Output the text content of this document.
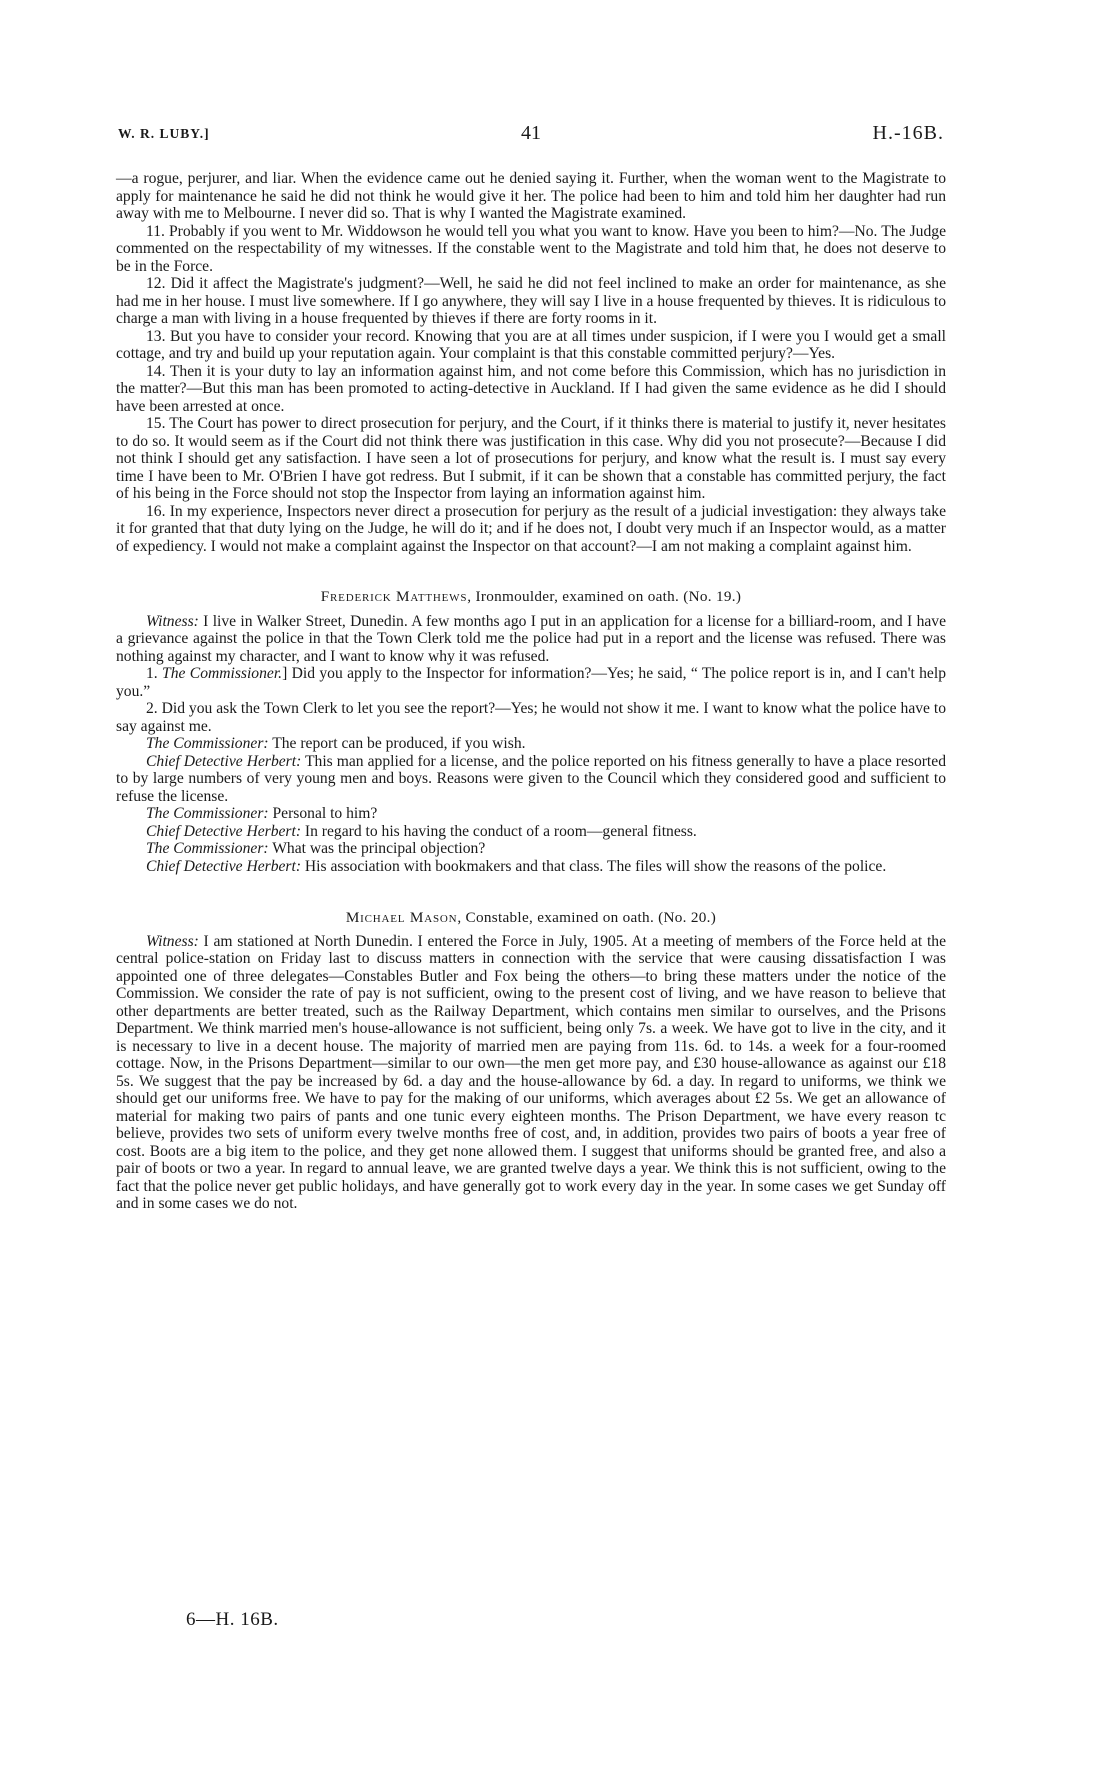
W. R. LUBY.]	41	H.-16B.

—a rogue, perjurer, and liar. When the evidence came out he denied saying it. Further, when the woman went to the Magistrate to apply for maintenance he said he did not think he would give it her. The police had been to him and told him her daughter had run away with me to Melbourne. I never did so. That is why I wanted the Magistrate examined.

11. Probably if you went to Mr. Widdowson he would tell you what you want to know. Have you been to him?—No. The Judge commented on the respectability of my witnesses. If the constable went to the Magistrate and told him that, he does not deserve to be in the Force.

12. Did it affect the Magistrate's judgment?—Well, he said he did not feel inclined to make an order for maintenance, as she had me in her house. I must live somewhere. If I go anywhere, they will say I live in a house frequented by thieves. It is ridiculous to charge a man with living in a house frequented by thieves if there are forty rooms in it.

13. But you have to consider your record. Knowing that you are at all times under suspicion, if I were you I would get a small cottage, and try and build up your reputation again. Your complaint is that this constable committed perjury?—Yes.

14. Then it is your duty to lay an information against him, and not come before this Commission, which has no jurisdiction in the matter?—But this man has been promoted to acting-detective in Auckland. If I had given the same evidence as he did I should have been arrested at once.

15. The Court has power to direct prosecution for perjury, and the Court, if it thinks there is material to justify it, never hesitates to do so. It would seem as if the Court did not think there was justification in this case. Why did you not prosecute?—Because I did not think I should get any satisfaction. I have seen a lot of prosecutions for perjury, and know what the result is. I must say every time I have been to Mr. O'Brien I have got redress. But I submit, if it can be shown that a constable has committed perjury, the fact of his being in the Force should not stop the Inspector from laying an information against him.

16. In my experience, Inspectors never direct a prosecution for perjury as the result of a judicial investigation: they always take it for granted that that duty lying on the Judge, he will do it; and if he does not, I doubt very much if an Inspector would, as a matter of expediency. I would not make a complaint against the Inspector on that account?—I am not making a complaint against him.

Frederick Matthews, Ironmoulder, examined on oath. (No. 19.)

Witness: I live in Walker Street, Dunedin. A few months ago I put in an application for a license for a billiard-room, and I have a grievance against the police in that the Town Clerk told me the police had put in a report and the license was refused. There was nothing against my character, and I want to know why it was refused.

1. The Commissioner.] Did you apply to the Inspector for information?—Yes; he said, “ The police report is in, and I can't help you.”

2. Did you ask the Town Clerk to let you see the report?—Yes; he would not show it me. I want to know what the police have to say against me.

The Commissioner: The report can be produced, if you wish.

Chief Detective Herbert: This man applied for a license, and the police reported on his fitness generally to have a place resorted to by large numbers of very young men and boys. Reasons were given to the Council which they considered good and sufficient to refuse the license.

The Commissioner: Personal to him?

Chief Detective Herbert: In regard to his having the conduct of a room—general fitness.

The Commissioner: What was the principal objection?

Chief Detective Herbert: His association with bookmakers and that class. The files will show the reasons of the police.

Michael Mason, Constable, examined on oath. (No. 20.)

Witness: I am stationed at North Dunedin. I entered the Force in July, 1905. At a meeting of members of the Force held at the central police-station on Friday last to discuss matters in connection with the service that were causing dissatisfaction I was appointed one of three delegates—Constables Butler and Fox being the others—to bring these matters under the notice of the Commission. We consider the rate of pay is not sufficient, owing to the present cost of living, and we have reason to believe that other departments are better treated, such as the Railway Department, which contains men similar to ourselves, and the Prisons Department. We think married men's house-allowance is not sufficient, being only 7s. a week. We have got to live in the city, and it is necessary to live in a decent house. The majority of married men are paying from 11s. 6d. to 14s. a week for a four-roomed cottage. Now, in the Prisons Department—similar to our own—the men get more pay, and £30 house-allowance as against our £18 5s. We suggest that the pay be increased by 6d. a day and the house-allowance by 6d. a day. In regard to uniforms, we think we should get our uniforms free. We have to pay for the making of our uniforms, which averages about £2 5s. We get an allowance of material for making two pairs of pants and one tunic every eighteen months. The Prison Department, we have every reason tc believe, provides two sets of uniform every twelve months free of cost, and, in addition, provides two pairs of boots a year free of cost. Boots are a big item to the police, and they get none allowed them. I suggest that uniforms should be granted free, and also a pair of boots or two a year. In regard to annual leave, we are granted twelve days a year. We think this is not sufficient, owing to the fact that the police never get public holidays, and have generally got to work every day in the year. In some cases we get Sunday off and in some cases we do not.

6—H. 16B.
